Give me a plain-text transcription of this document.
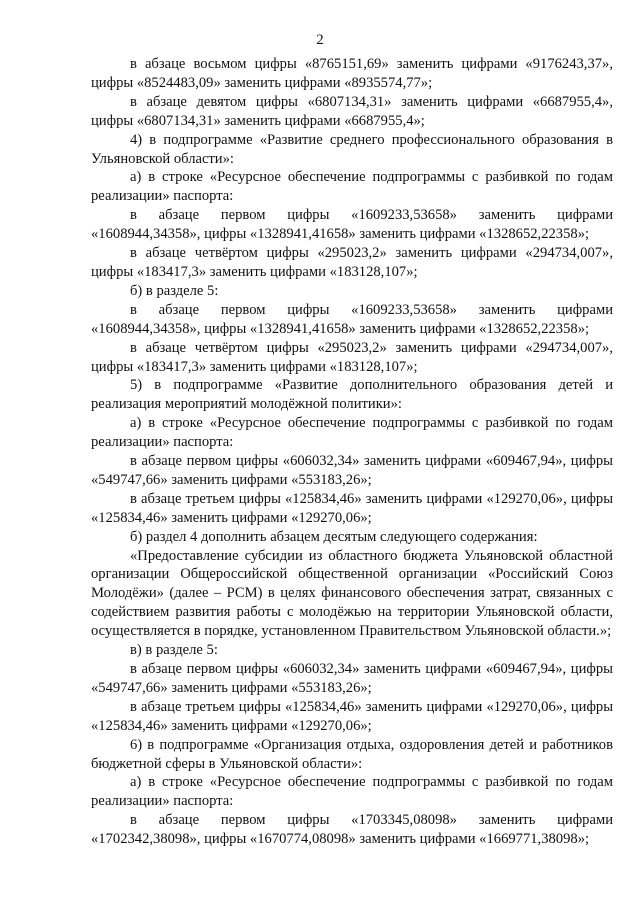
2

в абзаце восьмом цифры «8765151,69» заменить цифрами «9176243,37», цифры «8524483,09» заменить цифрами «8935574,77»;

в абзаце девятом цифры «6807134,31» заменить цифрами «6687955,4», цифры «6807134,31» заменить цифрами «6687955,4»;

4) в подпрограмме «Развитие среднего профессионального образования в Ульяновской области»:

а) в строке «Ресурсное обеспечение подпрограммы с разбивкой по годам реализации» паспорта:

в абзаце первом цифры «1609233,53658» заменить цифрами «1608944,34358», цифры «1328941,41658» заменить цифрами «1328652,22358»;

в абзаце четвёртом цифры «295023,2» заменить цифрами «294734,007», цифры «183417,3» заменить цифрами «183128,107»;

б) в разделе 5:

в абзаце первом цифры «1609233,53658» заменить цифрами «1608944,34358», цифры «1328941,41658» заменить цифрами «1328652,22358»;

в абзаце четвёртом цифры «295023,2» заменить цифрами «294734,007», цифры «183417,3» заменить цифрами «183128,107»;

5) в подпрограмме «Развитие дополнительного образования детей и реализация мероприятий молодёжной политики»:

а) в строке «Ресурсное обеспечение подпрограммы с разбивкой по годам реализации» паспорта:

в абзаце первом цифры «606032,34» заменить цифрами «609467,94», цифры «549747,66» заменить цифрами «553183,26»;

в абзаце третьем цифры «125834,46» заменить цифрами «129270,06», цифры «125834,46» заменить цифрами «129270,06»;

б) раздел 4 дополнить абзацем десятым следующего содержания:

«Предоставление субсидии из областного бюджета Ульяновской областной организации Общероссийской общественной организации «Российский Союз Молодёжи» (далее – РСМ) в целях финансового обеспечения затрат, связанных с содействием развития работы с молодёжью на территории Ульяновской области, осуществляется в порядке, установленном Правительством Ульяновской области.»;

в) в разделе 5:

в абзаце первом цифры «606032,34» заменить цифрами «609467,94», цифры «549747,66» заменить цифрами «553183,26»;

в абзаце третьем цифры «125834,46» заменить цифрами «129270,06», цифры «125834,46» заменить цифрами «129270,06»;

6) в подпрограмме «Организация отдыха, оздоровления детей и работников бюджетной сферы в Ульяновской области»:

а) в строке «Ресурсное обеспечение подпрограммы с разбивкой по годам реализации» паспорта:

в абзаце первом цифры «1703345,08098» заменить цифрами «1702342,38098», цифры «1670774,08098» заменить цифрами «1669771,38098»;
